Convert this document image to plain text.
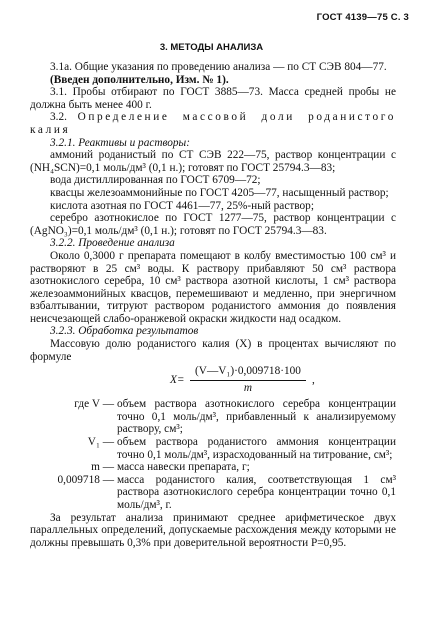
ГОСТ 4139—75 С. 3
3. МЕТОДЫ АНАЛИЗА

3.1а. Общие указания по проведению анализа — по СТ СЭВ 804—77.

(Введен дополнительно, Изм. № 1).

3.1. Пробы отбирают по ГОСТ 3885—73. Масса средней пробы не должна быть менее 400 г.

3.2. Определение массовой доли роданистого калия

3.2.1. Реактивы и растворы:

аммоний роданистый по СТ СЭВ 222—75, раствор концентрации c (NH₄SCN)=0,1 моль/дм³ (0,1 н.); готовят по ГОСТ 25794.3—83;

вода дистиллированная по ГОСТ 6709—72;

квасцы железоаммонийные по ГОСТ 4205—77, насыщенный раствор;

кислота азотная по ГОСТ 4461—77, 25%-ный раствор;

серебро азотнокислое по ГОСТ 1277—75, раствор концентрации c (AgNO₃)=0,1 моль/дм³ (0,1 н.); готовят по ГОСТ 25794.3—83.

3.2.2. Проведение анализа

Около 0,3000 г препарата помещают в колбу вместимостью 100 см³ и растворяют в 25 см³ воды. К раствору прибавляют 50 см³ раствора азотнокислого серебра, 10 см³ раствора азотной кислоты, 1 см³ раствора железоаммонийных квасцов, перемешивают и медленно, при энергичном взбалтывании, титруют раствором роданистого аммония до появления неисчезающей слабо-оранжевой окраски жидкости над осадком.

3.2.3. Обработка результатов

Массовую долю роданистого калия (X) в процентах вычисляют по формуле

$X= \frac{\text{(V—V₁)·0,009718·100}}{m}$ ,
где V — объем раствора азотнокислого серебра концентрации точно 0,1 моль/дм³, прибавленный к анализируемому раствору, см³;
V₁ — объем раствора роданистого аммония концентрации точно 0,1 моль/дм³, израсходованный на титрование, см³;
m — масса навески препарата, г;
0,009718 — масса роданистого калия, соответствующая 1 см³ раствора азотнокислого серебра концентрации точно 0,1 моль/дм³, г.

За результат анализа принимают среднее арифметическое двух параллельных определений, допускаемые расхождения между которыми не должны превышать 0,3% при доверительной вероятности P=0,95.
